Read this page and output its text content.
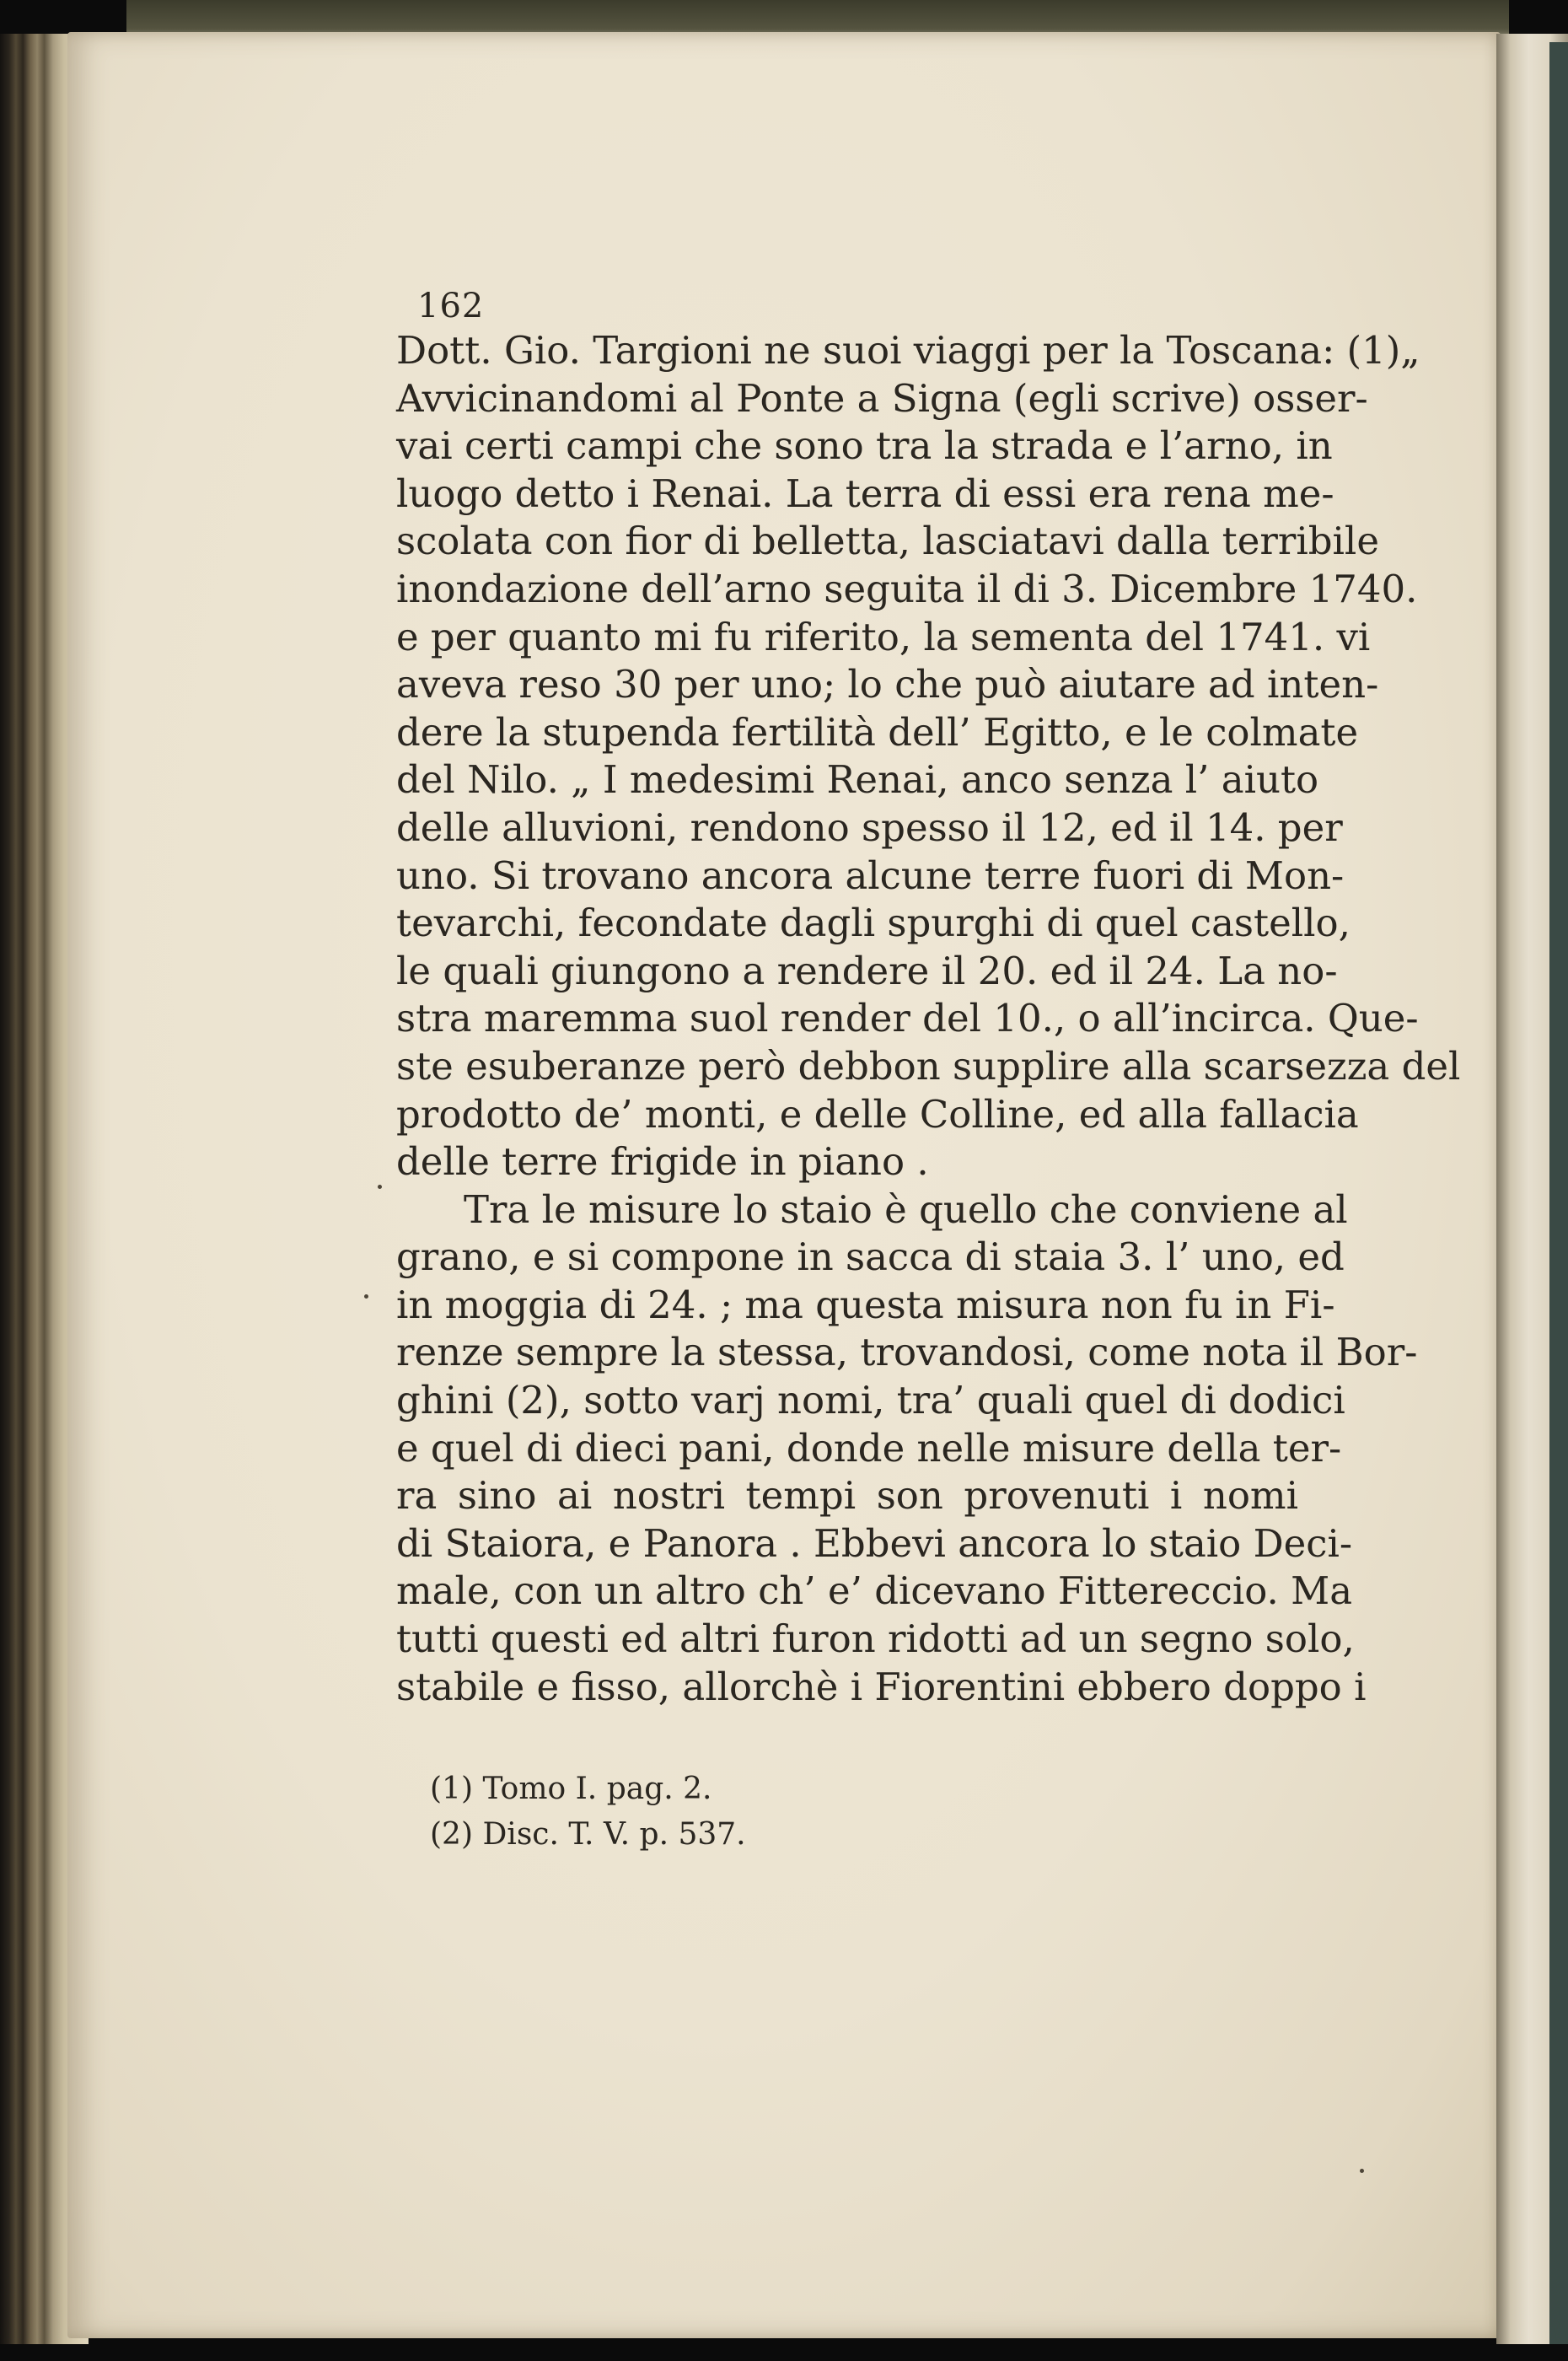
162
Dott. Gio. Targioni ne suoi viaggi per la Toscana: (1)„
Avvicinandomi al Ponte a Signa (egli scrive) osser-
vai certi campi che sono tra la strada e l’arno, in
luogo detto i Renai. La terra di essi era rena me-
scolata con fior di belletta, lasciatavi dalla terribile
inondazione dell’arno seguita il di 3. Dicembre 1740.
e per quanto mi fu riferito, la sementa del 1741. vi
aveva reso 30 per uno; lo che può aiutare ad inten-
dere la stupenda fertilità dell’ Egitto, e le colmate
del Nilo. „ I medesimi Renai, anco senza l’ aiuto
delle alluvioni, rendono spesso il 12, ed il 14. per
uno. Si trovano ancora alcune terre fuori di Mon-
tevarchi, fecondate dagli spurghi di quel castello,
le quali giungono a rendere il 20. ed il 24. La no-
stra maremma suol render del 10., o all’incirca. Que-
ste esuberanze però debbon supplire alla scarsezza del
prodotto de’ monti, e delle Colline, ed alla fallacia
delle terre frigide in piano .
Tra le misure lo staio è quello che conviene al
grano, e si compone in sacca di staia 3. l’ uno, ed
in moggia di 24. ; ma questa misura non fu in Fi-
renze sempre la stessa, trovandosi, come nota il Bor-
ghini (2), sotto varj nomi, tra’ quali quel di dodici
e quel di dieci pani, donde nelle misure della ter-
ra sino ai nostri tempi son provenuti i nomi
di Staiora, e Panora . Ebbevi ancora lo staio Deci-
male, con un altro ch’ e’ dicevano Fittereccio. Ma
tutti questi ed altri furon ridotti ad un segno solo,
stabile e fisso, allorchè i Fiorentini ebbero doppo i
(1) Tomo I. pag. 2.
(2) Disc. T. V. p. 537.
